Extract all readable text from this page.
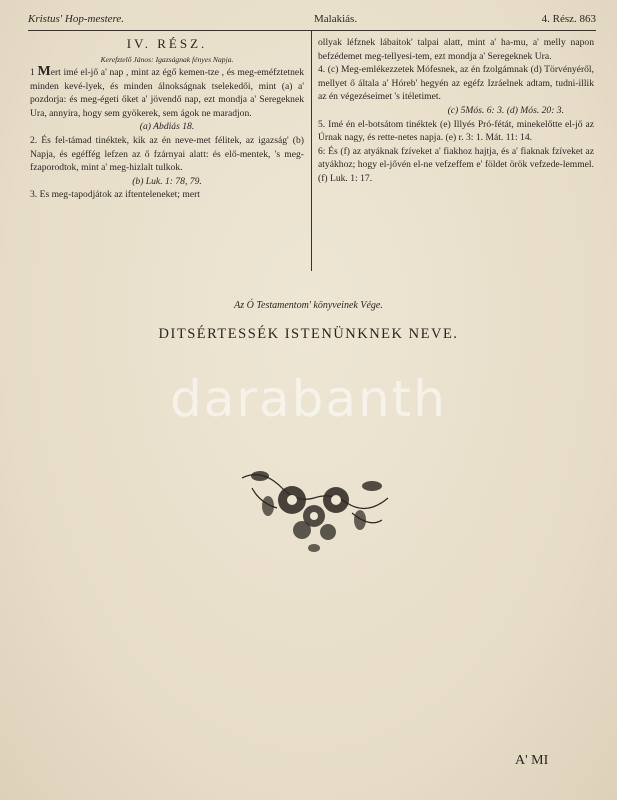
Kristus' Hop-mestere.	Malakiás.	4. Rész. 863

IV. RÉSZ.

Kerefztelő János: Igazságnak fényes Napja.

1 Mert imé el-jő a' nap , mint az égő kemen-tze , és meg-eméfztetnek minden kevé-lyek, és minden álnokságnak tselekedői, mint (a) a' pozdorja: és meg-égeti őket a' jövendő nap, ezt mondja a' Seregeknek Ura, annyira, hogy sem gyökerek, sem ágok ne maradjon.

(a) Abdiás 18.

2. És fel-támad tinéktek, kik az én neve-met félitek, az igazság' (b) Napja, és egéffég lefzen az ő fzárnyai alatt: és elő-mentek, 's meg-fzaporodtok, mint a' meg-hizlalt tulkok.

(b) Luk. 1: 78, 79.

3. Es meg-tapodjátok az iftenteleneket; mert

ollyak léfznek lábaitok' talpai alatt, mint a' ha-mu, a' melly napon befzédemet meg-tellyesi-tem, ezt mondja a' Seregeknek Ura.

4. (c) Meg-emlékezzetek Mófesnek, az én fzolgámnak (d) Törvényéről, mellyet ő általa a' Hóreb' hegyén az egéfz Izráelnek adtam, tudni-illik az én végezéseimet 's itéletimet.

(c) 5Mós. 6: 3. (d) Mós. 20: 3.

5. Imé én el-botsátom tinéktek (e) Illyés Pró-fétát, minekelőtte el-jő az Úrnak nagy, és rette-netes napja. (e) r. 3: 1. Mát. 11: 14.

6: És (f) az atyáknak fzíveket a' fiakhoz hajtja, és a' fiaknak fzíveket az atyákhoz; hogy el-jővén el-ne vefzeffem e' földet örök vefzede-lemmel. (f) Luk. 1: 17.

Az Ó Testamentom' könyveinek Vége.
DITSÉRTESSÉK ISTENÜNKNEK NEVE.
darabanth
A' MI
